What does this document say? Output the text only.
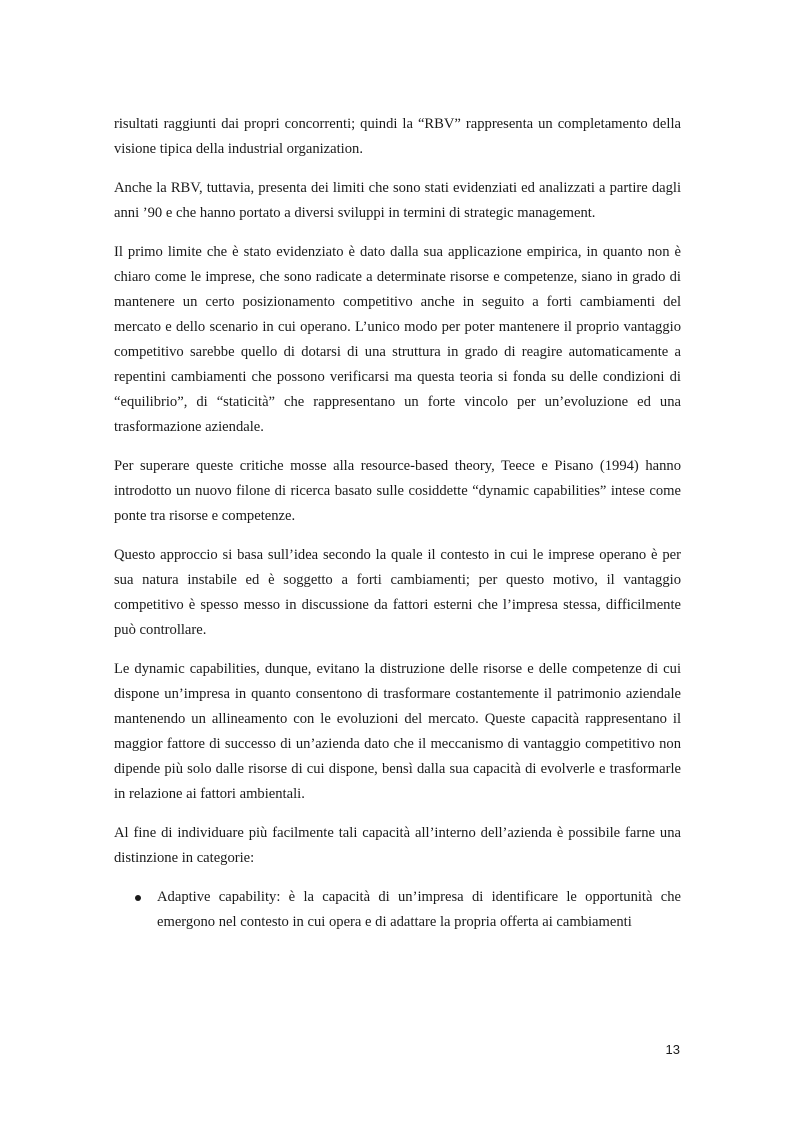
risultati raggiunti dai propri concorrenti; quindi la “RBV” rappresenta un completamento della visione tipica della industrial organization.

Anche la RBV, tuttavia, presenta dei limiti che sono stati evidenziati ed analizzati a partire dagli anni ’90 e che hanno portato a diversi sviluppi in termini di strategic management.

Il primo limite che è stato evidenziato è dato dalla sua applicazione empirica, in quanto non è chiaro come le imprese, che sono radicate a determinate risorse e competenze, siano in grado di mantenere un certo posizionamento competitivo anche in seguito a forti cambiamenti del mercato e dello scenario in cui operano. L’unico modo per poter mantenere il proprio vantaggio competitivo sarebbe quello di dotarsi di una struttura in grado di reagire automaticamente a repentini cambiamenti che possono verificarsi ma questa teoria si fonda su delle condizioni di “equilibrio”, di “staticità” che rappresentano un forte vincolo per un’evoluzione ed una trasformazione aziendale.

Per superare queste critiche mosse alla resource-based theory, Teece e Pisano (1994) hanno introdotto un nuovo filone di ricerca basato sulle cosiddette “dynamic capabilities” intese come ponte tra risorse e competenze.

Questo approccio si basa sull’idea secondo la quale il contesto in cui le imprese operano è per sua natura instabile ed è soggetto a forti cambiamenti; per questo motivo, il vantaggio competitivo è spesso messo in discussione da fattori esterni che l’impresa stessa, difficilmente può controllare.

Le dynamic capabilities, dunque, evitano la distruzione delle risorse e delle competenze di cui dispone un’impresa in quanto consentono di trasformare costantemente il patrimonio aziendale mantenendo un allineamento con le evoluzioni del mercato. Queste capacità rappresentano il maggior fattore di successo di un’azienda dato che il meccanismo di vantaggio competitivo non dipende più solo dalle risorse di cui dispone, bensì dalla sua capacità di evolverle e trasformarle in relazione ai fattori ambientali.

Al fine di individuare più facilmente tali capacità all’interno dell’azienda è possibile farne una distinzione in categorie:

Adaptive capability: è la capacità di un’impresa di identificare le opportunità che emergono nel contesto in cui opera e di adattare la propria offerta ai cambiamenti
13
